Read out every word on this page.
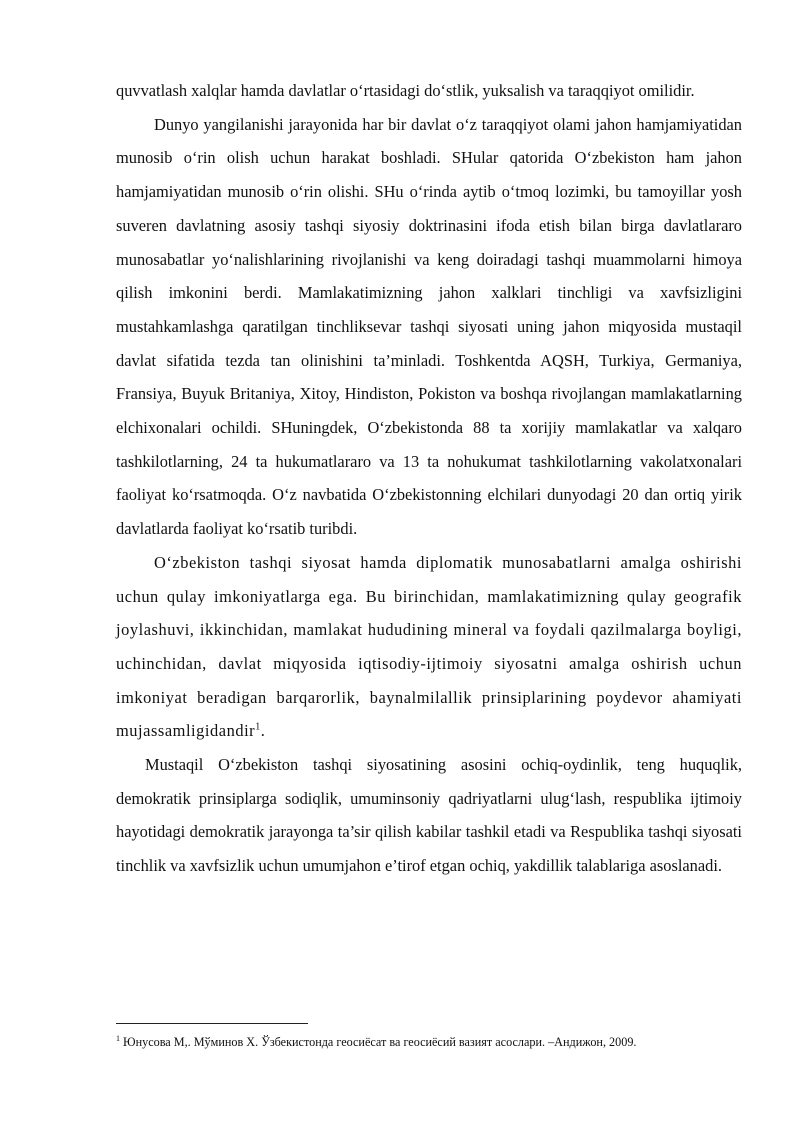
quvvatlash xalqlar hamda davlatlar o‘rtasidagi do‘stlik, yuksalish va taraqqiyot omilidir.

Dunyo yangilanishi jarayonida har bir davlat o‘z taraqqiyot olami jahon hamjamiyatidan munosib o‘rin olish uchun harakat boshladi. SHular qatorida O‘zbekiston ham jahon hamjamiyatidan munosib o‘rin olishi. SHu o‘rinda aytib o‘tmoq lozimki, bu tamoyillar yosh suveren davlatning asosiy tashqi siyosiy doktrinasini ifoda etish bilan birga davlatlararo munosabatlar yo‘nalishlarining rivojlanishi va keng doiradagi tashqi muammolarni himoya qilish imkonini berdi. Mamlakatimizning jahon xalklari tinchligi va xavfsizligini mustahkamlashga qaratilgan tinchliksevar tashqi siyosati uning jahon miqyosida mustaqil davlat sifatida tezda tan olinishini ta’minladi. Toshkentda AQSH, Turkiya, Germaniya, Fransiya, Buyuk Britaniya, Xitoy, Hindiston, Pokiston va boshqa rivojlangan mamlakatlarning elchixonalari ochildi. SHuningdek, O‘zbekistonda 88 ta xorijiy mamlakatlar va xalqaro tashkilotlarning, 24 ta hukumatlararo va 13 ta nohukumat tashkilotlarning vakolatxonalari faoliyat ko‘rsatmoqda. O‘z navbatida O‘zbekistonning elchilari dunyodagi 20 dan ortiq yirik davlatlarda faoliyat ko‘rsatib turibdi.

O‘zbekiston tashqi siyosat hamda diplomatik munosabatlarni amalga oshirishi uchun qulay imkoniyatlarga ega. Bu birinchidan, mamlakatimizning qulay geografik joylashuvi, ikkinchidan, mamlakat hududining mineral va foydali qazilmalarga boyligi, uchinchidan, davlat miqyosida iqtisodiy-ijtimoiy siyosatni amalga oshirish uchun imkoniyat beradigan barqarorlik, baynalmilallik prinsiplarining poydevor ahamiyati mujassamligidandir$^1$.

Mustaqil O‘zbekiston tashqi siyosatining asosini ochiq-oydinlik, teng huquqlik, demokratik prinsiplarga sodiqlik, umuminsoniy qadriyatlarni ulug‘lash, respublika ijtimoiy hayotidagi demokratik jarayonga ta’sir qilish kabilar tashkil etadi va Respublika tashqi siyosati tinchlik va xavfsizlik uchun umumjahon e’tirof etgan ochiq, yakdillik talablariga asoslanadi.

$^1$ Юнусова М,. Мўминов Х. Ўзбекистонда геосиёсат ва геосиёсий вазият асослари. –Андижон, 2009.
